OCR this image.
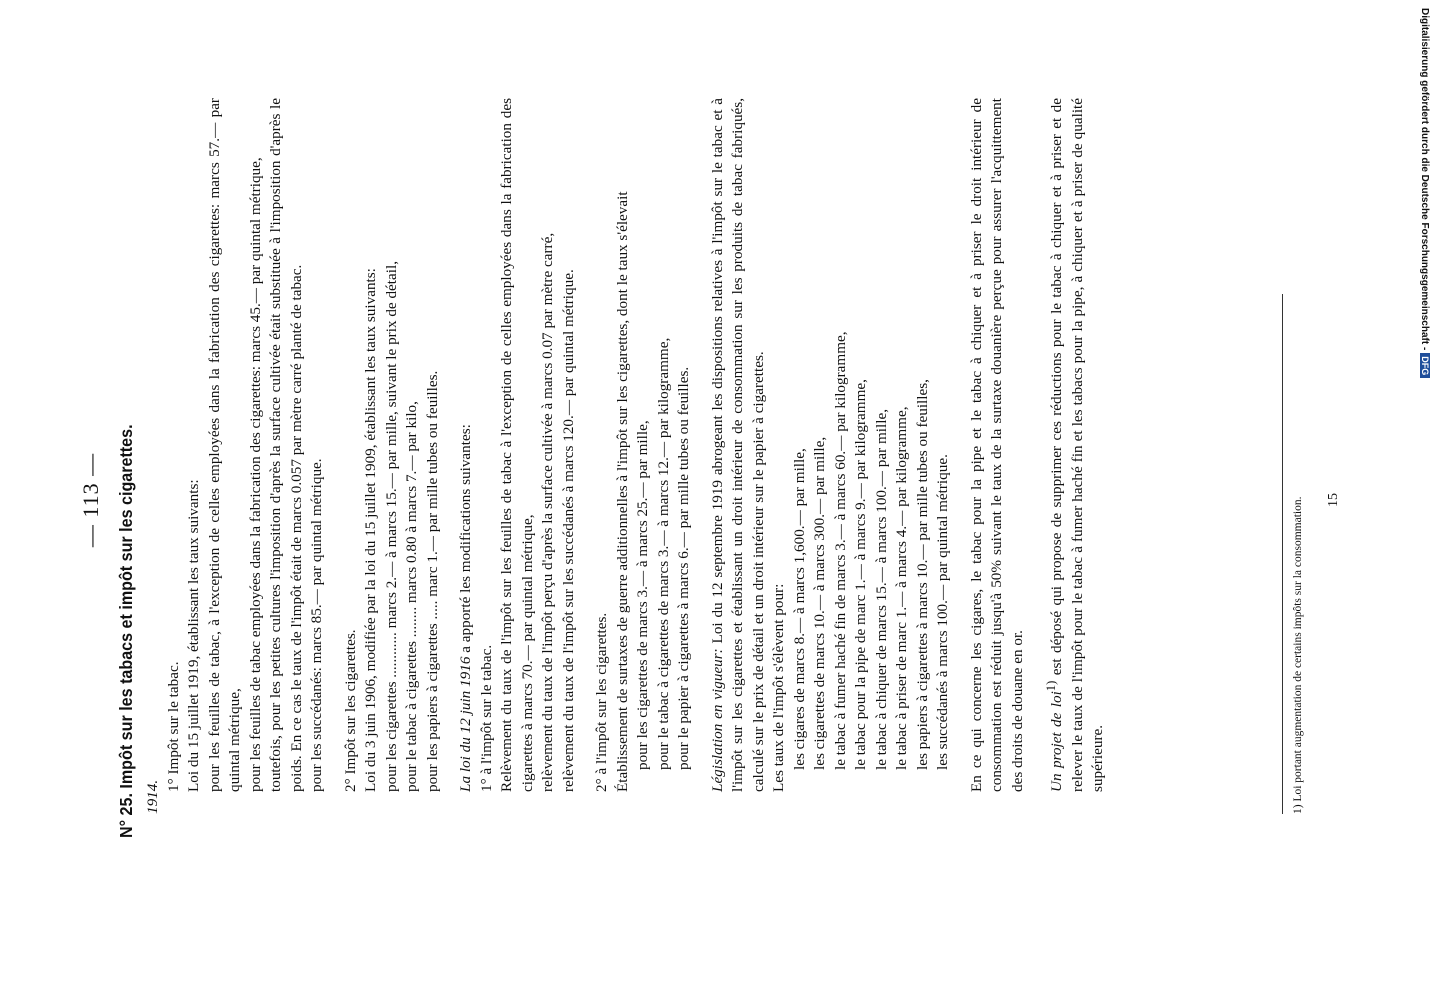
— 113 — N° 25. Impôt sur les tabacs et impôt sur les cigarettes. 1914.

1° Impôt sur le tabac. Loi du 15 juillet 1919, établissant les taux suivants: pour les feuilles de tabac, à l'exception de celles employées dans la fabrication des cigarettes: marcs 57.— par quintal métrique, pour les feuilles de tabac employées dans la fabrication des cigarettes: marcs 45.— par quintal métrique, toutefois, pour les petites cultures l'imposition d'après la surface cultivée était substituée à l'imposition d'après le poids. En ce cas le taux de l'impôt était de marcs 0.057 par mètre carré planté de tabac. pour les succédanés: marcs 85.— par quintal métrique. 2° Impôt sur les cigarettes. Loi du 3 juin 1906, modifiée par la loi du 15 juillet 1909, établissant les taux suivants: pour les cigarettes ............ marcs 2.— à marcs 15.— par mille, suivant le prix de détail, pour le tabac à cigarettes ........ marcs 0.80 à marcs 7.— par kilo, pour les papiers à cigarettes ..... marc 1.— par mille tubes ou feuilles. La loi du 12 juin 1916 a apporté les modifications suivantes:

1° à l'impôt sur le tabac. Relèvement du taux de l'impôt sur les feuilles de tabac à l'exception de celles employées dans la fabrication des cigarettes à marcs 70.— par quintal métrique, relèvement du taux de l'impôt perçu d'après la surface cultivée à marcs 0.07 par mètre carré, relèvement du taux de l'impôt sur les succédanés à marcs 120.— par quintal métrique. 2° à l'impôt sur les cigarettes. Établissement de surtaxes de guerre additionnelles à l'impôt sur les cigarettes, dont le taux s'élevait pour les cigarettes de marcs 3.— à marcs 25.— par mille, pour le tabac à cigarettes de marcs 3.— à marcs 12.— par kilogramme, pour le papier à cigarettes à marcs 6.— par mille tubes ou feuilles. Législation en vigueur: Loi du 12 septembre 1919 abrogeant les dispositions relatives à l'impôt sur le tabac et à l'impôt sur les cigarettes et établissant un droit intérieur de consommation sur les produits de tabac fabriqués, calculé sur le prix de détail et un droit intérieur sur le papier à cigarettes. Les taux de l'impôt s'élèvent pour: les cigares de marcs 8.— à marcs 1,600.— par mille, les cigarettes de marcs 10.— à marcs 300.— par mille, le tabac à fumer haché fin de marcs 3.— à marcs 60.— par kilogramme, le tabac pour la pipe de marc 1.— à marcs 9.— par kilogramme, le tabac à chiquer de marcs 15.— à marcs 100.— par mille, le tabac à priser de marc 1.— à marcs 4.— par kilogramme, les papiers à cigarettes à marcs 10.— par mille tubes ou feuilles, les succédanés à marcs 100.— par quintal métrique. En ce qui concerne les cigares, le tabac pour la pipe et le tabac à chiquer et à priser le droit intérieur de consommation est réduit jusqu'à 50% suivant le taux de la surtaxe douanière perçue pour assurer l'acquittement des droits de douane en or.	Un projet de loi$^{1)}$ est déposé qui propose de supprimer ces réductions pour le tabac à chiquer et à priser et de relever le taux de l'impôt pour le tabac à fumer haché fin et les tabacs pour la pipe, à chiquer et à priser de qualité supérieure.	1) Loi portant augmentation de certains impôts sur la consommation. 15
Digitalisierung gefördert durch die Deutsche Forschungsgemeinschaft -DFG
